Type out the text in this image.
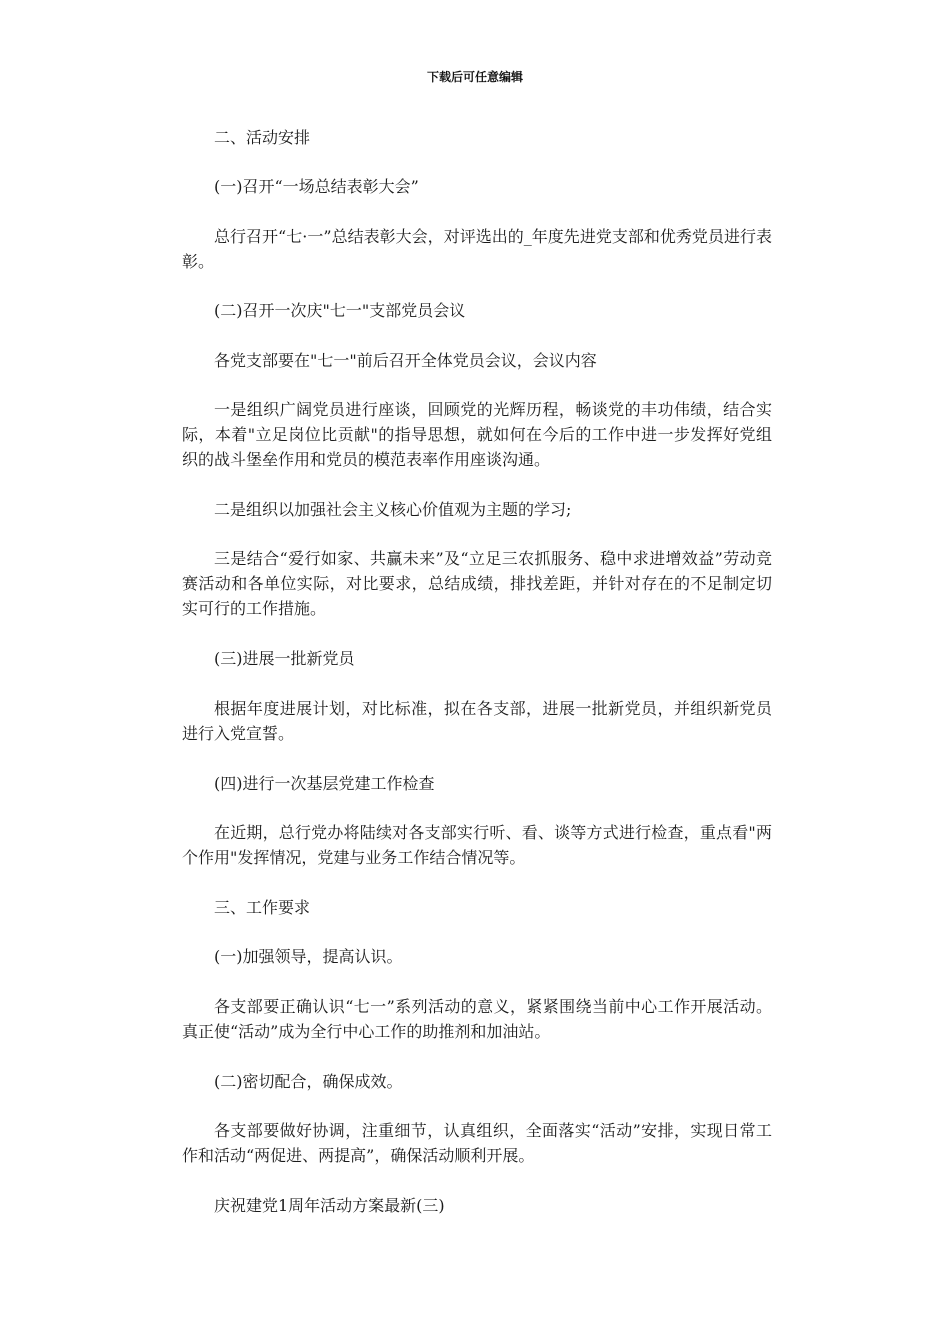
下载后可任意编辑

二、活动安排

(一)召开“一场总结表彰大会”

总行召开“七·一”总结表彰大会，对评选出的_年度先进党支部和优秀党员进行表彰。

(二)召开一次庆"七一"支部党员会议

各党支部要在"七一"前后召开全体党员会议，会议内容

一是组织广阔党员进行座谈，回顾党的光辉历程，畅谈党的丰功伟绩，结合实际，本着"立足岗位比贡献"的指导思想，就如何在今后的工作中进一步发挥好党组织的战斗堡垒作用和党员的模范表率作用座谈沟通。

二是组织以加强社会主义核心价值观为主题的学习;

三是结合“爱行如家、共赢未来”及“立足三农抓服务、稳中求进增效益”劳动竞赛活动和各单位实际，对比要求，总结成绩，排找差距，并针对存在的不足制定切实可行的工作措施。

(三)进展一批新党员

根据年度进展计划，对比标准，拟在各支部，进展一批新党员，并组织新党员进行入党宣誓。

(四)进行一次基层党建工作检查

在近期，总行党办将陆续对各支部实行听、看、谈等方式进行检查，重点看"两个作用"发挥情况，党建与业务工作结合情况等。

三、工作要求

(一)加强领导，提高认识。

各支部要正确认识“七一”系列活动的意义，紧紧围绕当前中心工作开展活动。真正使“活动”成为全行中心工作的助推剂和加油站。

(二)密切配合，确保成效。

各支部要做好协调，注重细节，认真组织，全面落实“活动”安排，实现日常工作和活动“两促进、两提高”，确保活动顺利开展。

庆祝建党1周年活动方案最新(三)
